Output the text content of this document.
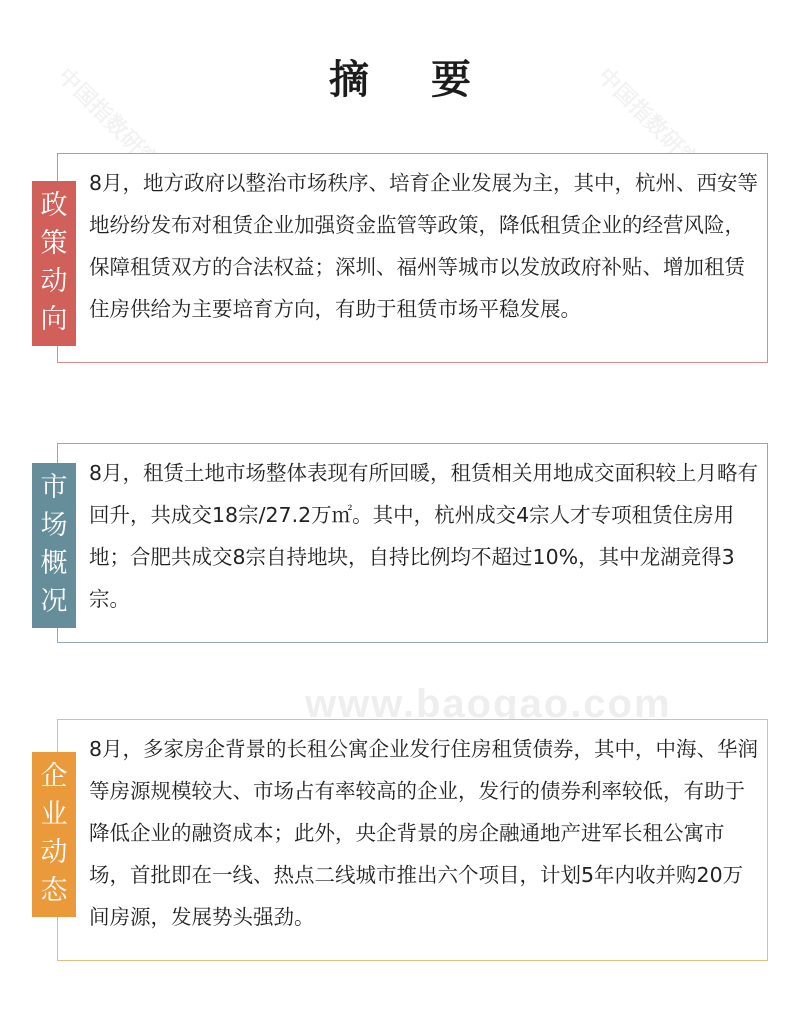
中国指数研究院	中国指数研究院
摘 要

8月，地方政府以整治市场秩序、培育企业发展为主，其中，杭州、西安等地纷纷发布对租赁企业加强资金监管等政策，降低租赁企业的经营风险，保障租赁双方的合法权益；深圳、福州等城市以发放政府补贴、增加租赁住房供给为主要培育方向，有助于租赁市场平稳发展。

政
策
动
向

8月，租赁土地市场整体表现有所回暖，租赁相关用地成交面积较上月略有回升，共成交18宗/27.2万㎡。其中，杭州成交4宗人才专项租赁住房用地；合肥共成交8宗自持地块，自持比例均不超过10%，其中龙湖竞得3宗。

市
场
概
况
www.baogao.com

8月，多家房企背景的长租公寓企业发行住房租赁债券，其中，中海、华润等房源规模较大、市场占有率较高的企业，发行的债券利率较低，有助于降低企业的融资成本；此外，央企背景的房企融通地产进军长租公寓市场，首批即在一线、热点二线城市推出六个项目，计划5年内收并购20万间房源，发展势头强劲。

企
业
动
态
